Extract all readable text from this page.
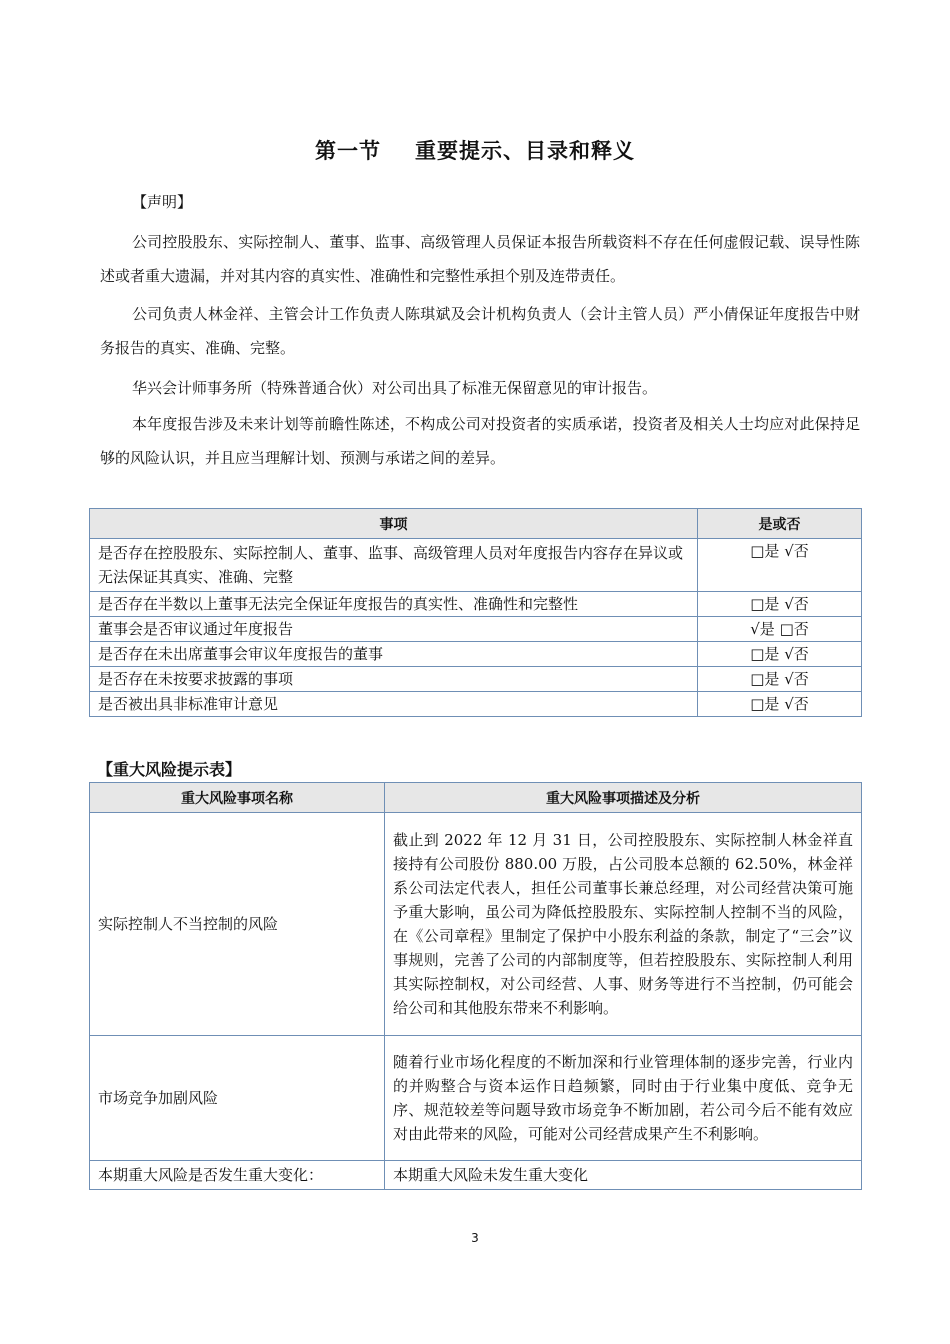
第一节 重要提示、目录和释义
【声明】

公司控股股东、实际控制人、董事、监事、高级管理人员保证本报告所载资料不存在任何虚假记载、误导性陈述或者重大遗漏，并对其内容的真实性、准确性和完整性承担个别及连带责任。

公司负责人林金祥、主管会计工作负责人陈琪斌及会计机构负责人（会计主管人员）严小倩保证年度报告中财务报告的真实、准确、完整。

华兴会计师事务所（特殊普通合伙）对公司出具了标准无保留意见的审计报告。

本年度报告涉及未来计划等前瞻性陈述，不构成公司对投资者的实质承诺，投资者及相关人士均应对此保持足够的风险认识，并且应当理解计划、预测与承诺之间的差异。

事项	是或否
是否存在控股股东、实际控制人、董事、监事、高级管理人员对年度报告内容存在异议或无法保证其真实、准确、完整	□是 √否
是否存在半数以上董事无法完全保证年度报告的真实性、准确性和完整性	□是 √否
董事会是否审议通过年度报告	√是 □否
是否存在未出席董事会审议年度报告的董事	□是 √否
是否存在未按要求披露的事项	□是 √否
是否被出具非标准审计意见	□是 √否
【重大风险提示表】
重大风险事项名称	重大风险事项描述及分析
实际控制人不当控制的风险	截止到 2022 年 12 月 31 日，公司控股股东、实际控制人林金祥直接持有公司股份 880.00 万股，占公司股本总额的 62.50%，林金祥系公司法定代表人，担任公司董事长兼总经理，对公司经营决策可施予重大影响，虽公司为降低控股股东、实际控制人控制不当的风险，在《公司章程》里制定了保护中小股东利益的条款，制定了“三会”议事规则，完善了公司的内部制度等，但若控股股东、实际控制人利用其实际控制权，对公司经营、人事、财务等进行不当控制，仍可能会给公司和其他股东带来不利影响。
市场竞争加剧风险	随着行业市场化程度的不断加深和行业管理体制的逐步完善，行业内的并购整合与资本运作日趋频繁，同时由于行业集中度低、竞争无序、规范较差等问题导致市场竞争不断加剧，若公司今后不能有效应对由此带来的风险，可能对公司经营成果产生不利影响。
本期重大风险是否发生重大变化：	本期重大风险未发生重大变化
3
